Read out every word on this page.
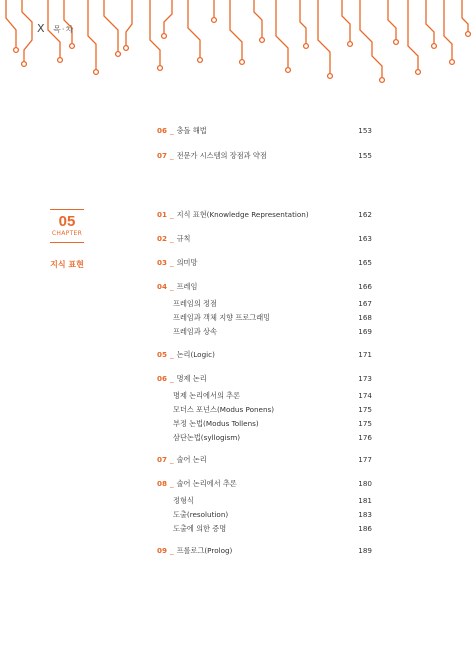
X 목·차
05
CHAPTER
지식 표현
06 _ 충돌 해법	153
07 _ 전문가 시스템의 장점과 약점	155
01 _ 지식 표현(Knowledge Representation)	162
02 _ 규칙	163
03 _ 의미망	165
04 _ 프레임	166
프레임의 정점	167
프레임과 객체 지향 프로그래밍	168
프레임과 상속	169
05 _ 논리(Logic)	171
06 _ 명제 논리	173
명제 논리에서의 추론	174
모더스 포넌스(Modus Ponens)	175
부정 논법(Modus Tollens)	175
삼단논법(syllogism)	176
07 _ 술어 논리	177
08 _ 술어 논리에서 추론	180
정형식	181
도출(resolution)	183
도출에 의한 증명	186
09 _ 프롤로그(Prolog)	189
